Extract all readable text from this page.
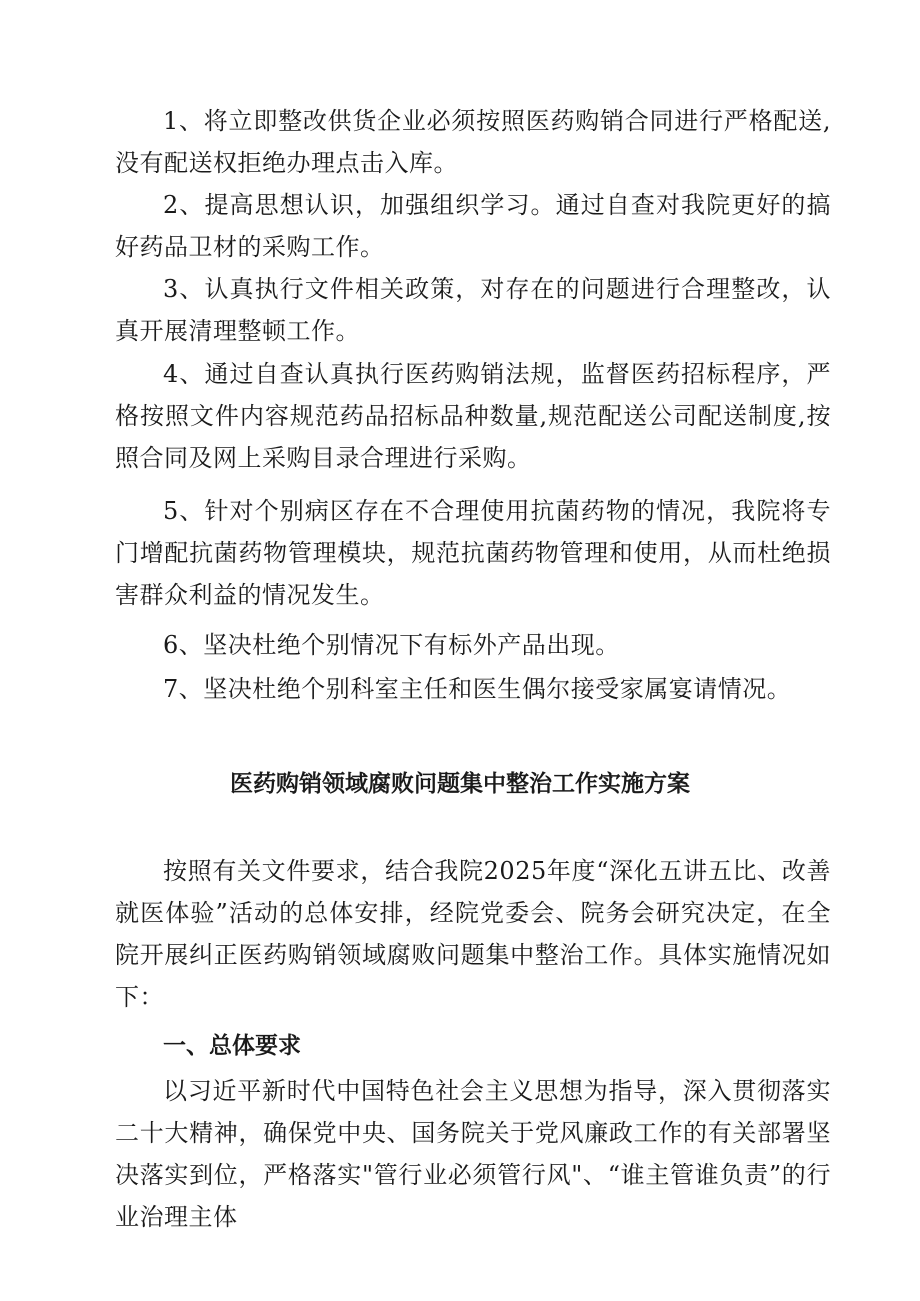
1、将立即整改供货企业必须按照医药购销合同进行严格配送,没有配送权拒绝办理点击入库。

2、提高思想认识，加强组织学习。通过自查对我院更好的搞好药品卫材的采购工作。

3、认真执行文件相关政策，对存在的问题进行合理整改，认真开展清理整顿工作。

4、通过自查认真执行医药购销法规，监督医药招标程序，严格按照文件内容规范药品招标品种数量,规范配送公司配送制度,按照合同及网上采购目录合理进行采购。

5、针对个别病区存在不合理使用抗菌药物的情况，我院将专门增配抗菌药物管理模块，规范抗菌药物管理和使用，从而杜绝损害群众利益的情况发生。

6、坚决杜绝个别情况下有标外产品出现。

7、坚决杜绝个别科室主任和医生偶尔接受家属宴请情况。

医药购销领域腐败问题集中整治工作实施方案

按照有关文件要求，结合我院2025年度“深化五讲五比、改善就医体验”活动的总体安排，经院党委会、院务会研究决定，在全院开展纠正医药购销领域腐败问题集中整治工作。具体实施情况如下：

一、总体要求

以习近平新时代中国特色社会主义思想为指导，深入贯彻落实二十大精神，确保党中央、国务院关于党风廉政工作的有关部署坚决落实到位，严格落实"管行业必须管行风"、“谁主管谁负责”的行业治理主体
